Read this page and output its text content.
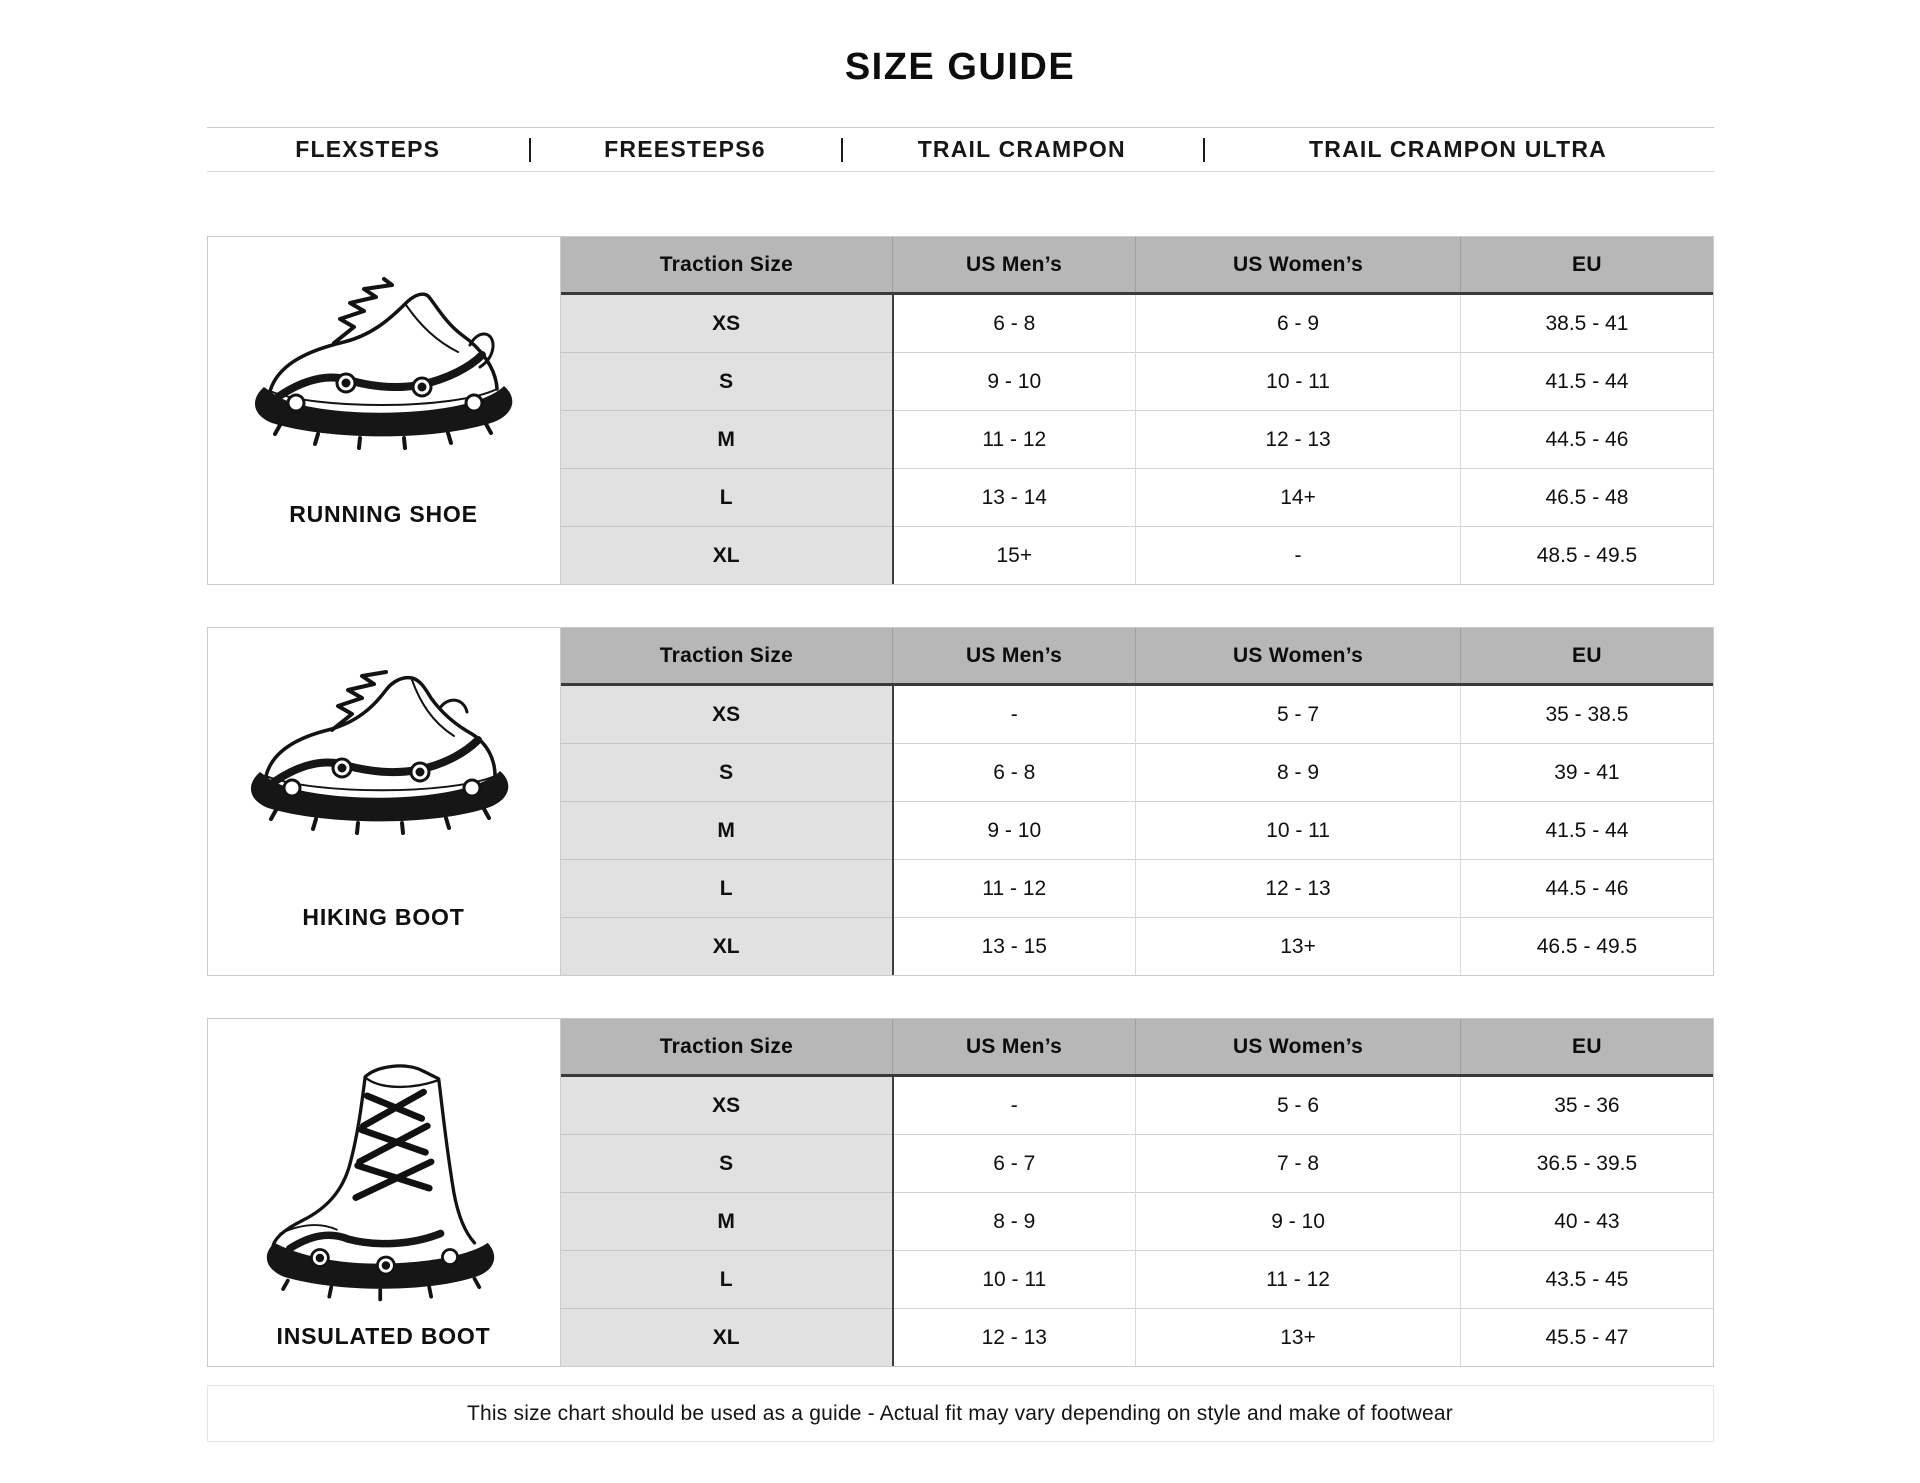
SIZE GUIDE
FLEXSTEPS	FREESTEPS6	TRAIL CRAMPON	TRAIL CRAMPON ULTRA
RUNNING SHOE
Traction Size	US Men’s	US Women’s	EU
XS	6 - 8	6 - 9	38.5 - 41
S	9 - 10	10 - 11	41.5 - 44
M	11 - 12	12 - 13	44.5 - 46
L	13 - 14	14+	46.5 - 48
XL	15+	-	48.5 - 49.5
HIKING BOOT
Traction Size	US Men’s	US Women’s	EU
XS	-	5 - 7	35 - 38.5
S	6 - 8	8 - 9	39 - 41
M	9 - 10	10 - 11	41.5 - 44
L	11 - 12	12 - 13	44.5 - 46
XL	13 - 15	13+	46.5 - 49.5
INSULATED BOOT
Traction Size	US Men’s	US Women’s	EU
XS	-	5 - 6	35 - 36
S	6 - 7	7 - 8	36.5 - 39.5
M	8 - 9	9 - 10	40 - 43
L	10 - 11	11 - 12	43.5 - 45
XL	12 - 13	13+	45.5 - 47

This size chart should be used as a guide - Actual fit may vary depending on style and make of footwear
